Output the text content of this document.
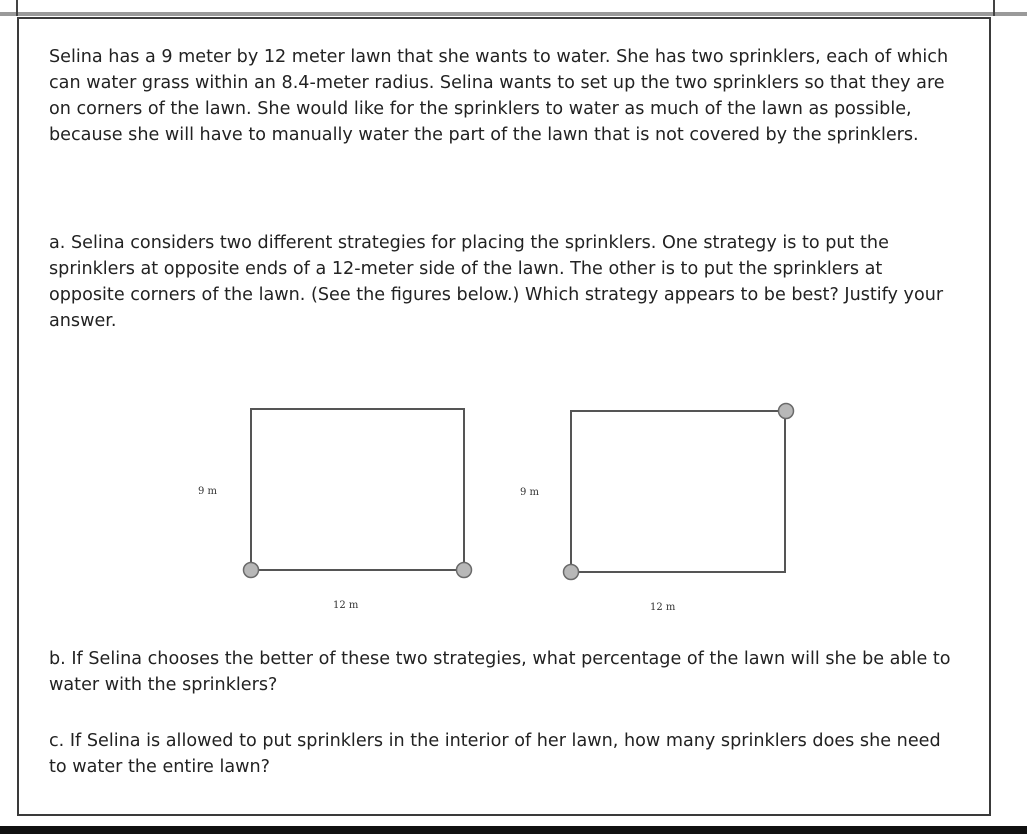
Selina has a 9 meter by 12 meter lawn that she wants to water. She has two sprinklers, each of which can water grass within an 8.4-meter radius. Selina wants to set up the two sprinklers so that they are on corners of the lawn. She would like for the sprinklers to water as much of the lawn as possible, because she will have to manually water the part of the lawn that is not covered by the sprinklers.

a. Selina considers two different strategies for placing the sprinklers. One strategy is to put the sprinklers at opposite ends of a 12-meter side of the lawn. The other is to put the sprinklers at opposite corners of the lawn. (See the figures below.) Which strategy appears to be best? Justify your answer.

9 m
12 m
9 m
12 m

b. If Selina chooses the better of these two strategies, what percentage of the lawn will she be able to water with the sprinklers?

c. If Selina is allowed to put sprinklers in the interior of her lawn, how many sprinklers does she need to water the entire lawn?
